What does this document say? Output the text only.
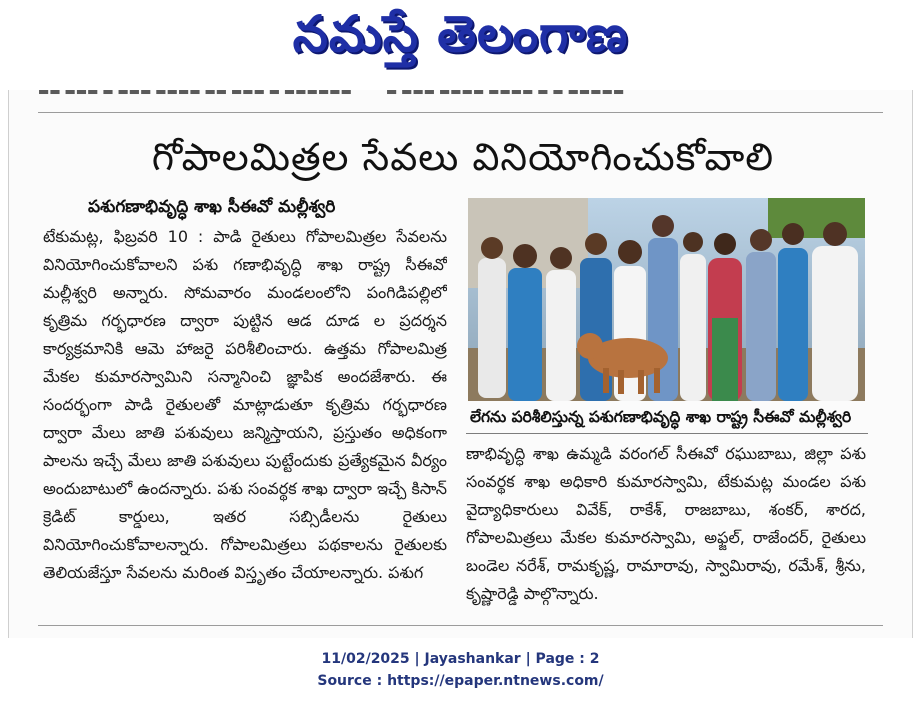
నమస్తే తెలంగాణ
▬▬ ▬▬▬ ▬ ▬▬▬ ▬▬▬▬ ▬▬ ▬▬▬ ▬ ▬▬▬▬▬▬	▬ ▬▬▬ ▬▬▬▬ ▬▬▬▬ ▬ ▬ ▬▬▬▬▬
గోపాలమిత్రల సేవలు వినియోగించుకోవాలి
పశుగణాభివృద్ధి శాఖ సీఈవో మల్లీశ్వరి
టేకుమట్ల, ఫిబ్రవరి 10 : పాడి రైతులు గోపాలమిత్రల సేవలను వినియోగించుకోవాలని పశు గణాభివృద్ధి శాఖ రాష్ట్ర సీఈవో మల్లీశ్వరి అన్నారు. సోమవారం మండలంలోని పంగిడిపల్లిలో కృత్రిమ గర్భధారణ ద్వారా పుట్టిన ఆడ దూడ ల ప్రదర్శన కార్యక్రమానికి ఆమె హాజరై పరిశీలించారు. ఉత్తమ గోపాలమిత్ర మేకల కుమారస్వామిని సన్మానించి జ్ఞాపిక అందజేశారు. ఈ సందర్భంగా పాడి రైతులతో మాట్లాడుతూ కృత్రిమ గర్భధారణ ద్వారా మేలు జాతి పశువులు జన్మిస్తాయని, ప్రస్తుతం అధికంగా పాలను ఇచ్చే మేలు జాతి పశువులు పుట్టేందుకు ప్రత్యేకమైన వీర్యం అందుబాటులో ఉందన్నారు. పశు సంవర్థక శాఖ ద్వారా ఇచ్చే కిసాన్ క్రెడిట్ కార్డులు, ఇతర సబ్సిడీలను రైతులు వినియోగించుకోవాలన్నారు. గోపాలమిత్రలు పథకాలను రైతులకు తెలియజేస్తూ సేవలను మరింత విస్తృతం చేయాలన్నారు. పశుగ
లేగను పరిశీలిస్తున్న పశుగణాభివృద్ధి శాఖ రాష్ట్ర సీఈవో మల్లీశ్వరి
ణాభివృద్ధి శాఖ ఉమ్మడి వరంగల్ సీఈవో రఘుబాబు, జిల్లా పశు సంవర్థక శాఖ అధికారి కుమారస్వామి, టేకుమట్ల మండల పశు వైద్యాధికారులు వివేక్, రాకేశ్, రాజబాబు, శంకర్, శారద, గోపాలమిత్రలు మేకల కుమారస్వామి, అఫ్జల్, రాజేందర్, రైతులు బండెల నరేశ్, రామకృష్ణ, రామారావు, స్వామిరావు, రమేశ్, శ్రీను, కృష్ణారెడ్డి పాల్గొన్నారు.
11/02/2025 | Jayashankar | Page : 2
Source : https://epaper.ntnews.com/
